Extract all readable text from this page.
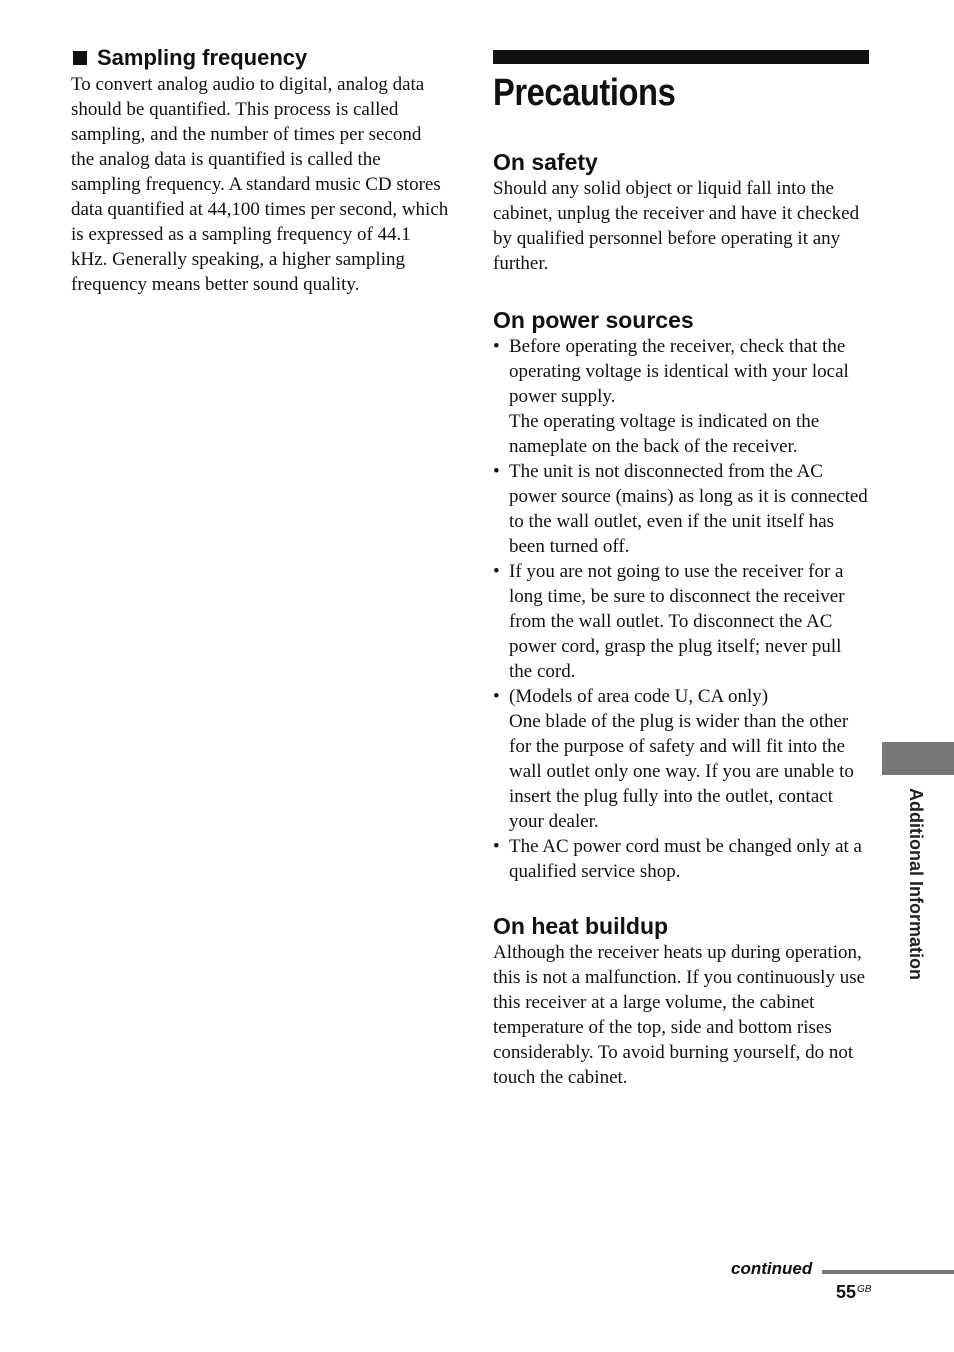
Sampling frequency

To convert analog audio to digital, analog data should be quantified. This process is called sampling, and the number of times per second the analog data is quantified is called the sampling frequency. A standard music CD stores data quantified at 44,100 times per second, which is expressed as a sampling frequency of 44.1 kHz. Generally speaking, a higher sampling frequency means better sound quality.

Precautions
On safety

Should any solid object or liquid fall into the cabinet, unplug the receiver and have it checked by qualified personnel before operating it any further.

On power sources
• Before operating the receiver, check that the operating voltage is identical with your local power supply.
The operating voltage is indicated on the nameplate on the back of the receiver.
• The unit is not disconnected from the AC power source (mains) as long as it is connected to the wall outlet, even if the unit itself has been turned off.
• If you are not going to use the receiver for a long time, be sure to disconnect the receiver from the wall outlet. To disconnect the AC power cord, grasp the plug itself; never pull the cord.
• (Models of area code U, CA only)
One blade of the plug is wider than the other for the purpose of safety and will fit into the wall outlet only one way. If you are unable to insert the plug fully into the outlet, contact your dealer.
• The AC power cord must be changed only at a qualified service shop.
On heat buildup

Although the receiver heats up during operation, this is not a malfunction. If you continuously use this receiver at a large volume, the cabinet temperature of the top, side and bottom rises considerably. To avoid burning yourself, do not touch the cabinet.

Additional Information
continued
$55^{GB}$
